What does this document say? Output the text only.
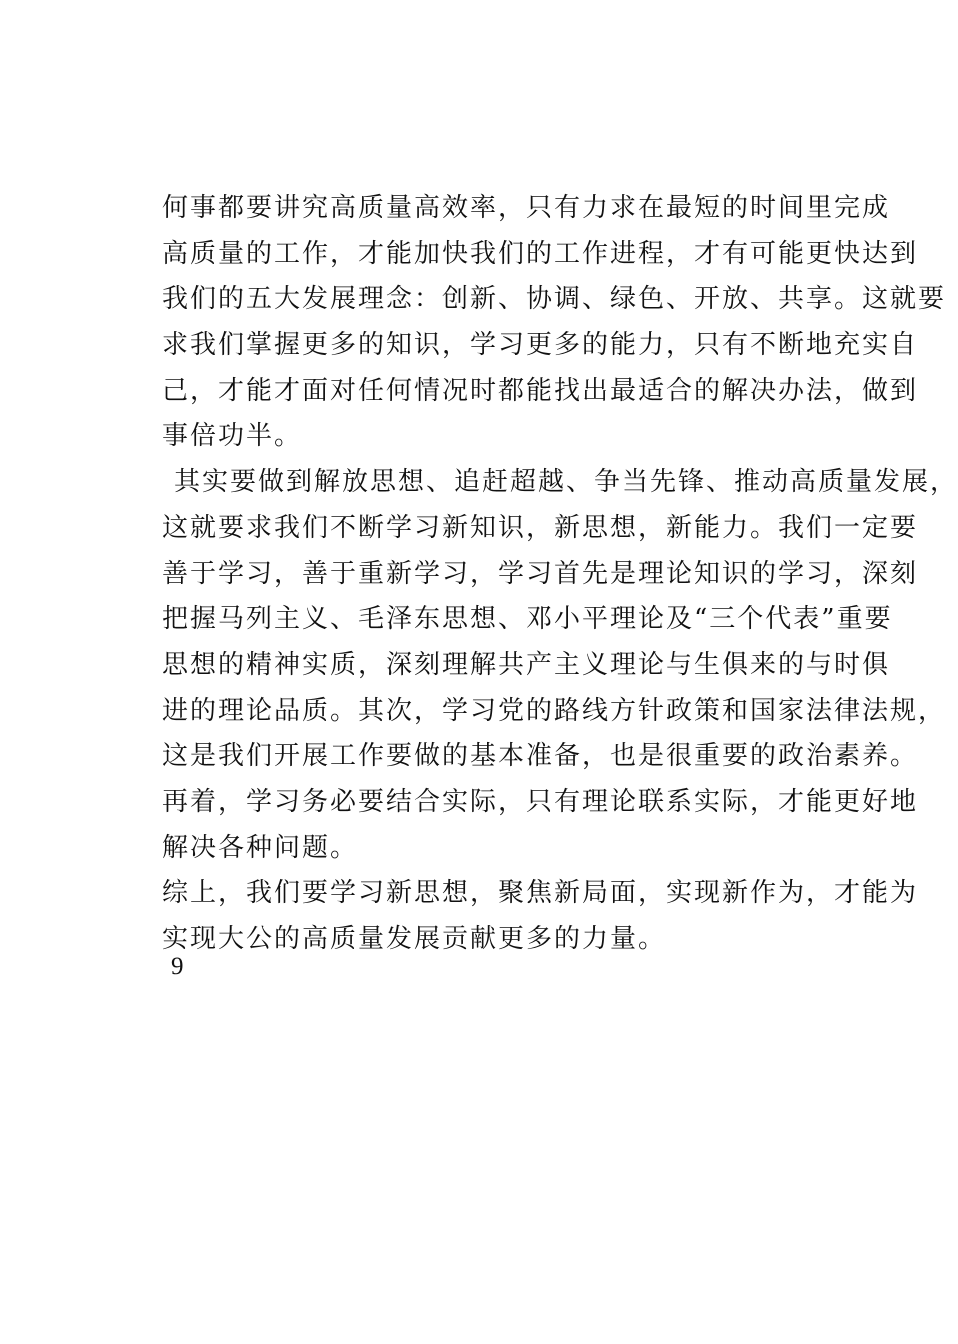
何事都要讲究高质量高效率，只有力求在最短的时间里完成
高质量的工作，才能加快我们的工作进程，才有可能更快达到
我们的五大发展理念：创新、协调、绿色、开放、共享。这就要
求我们掌握更多的知识，学习更多的能力，只有不断地充实自
己，才能才面对任何情况时都能找出最适合的解决办法，做到
事倍功半。
其实要做到解放思想、追赶超越、争当先锋、推动高质量发展，
这就要求我们不断学习新知识，新思想，新能力。我们一定要
善于学习，善于重新学习，学习首先是理论知识的学习，深刻
把握马列主义、毛泽东思想、邓小平理论及“三个代表”重要
思想的精神实质，深刻理解共产主义理论与生俱来的与时俱
进的理论品质。其次，学习党的路线方针政策和国家法律法规，
这是我们开展工作要做的基本准备，也是很重要的政治素养。
再着，学习务必要结合实际，只有理论联系实际，才能更好地
解决各种问题。
综上，我们要学习新思想，聚焦新局面，实现新作为，才能为
实现大公的高质量发展贡献更多的力量。
9
